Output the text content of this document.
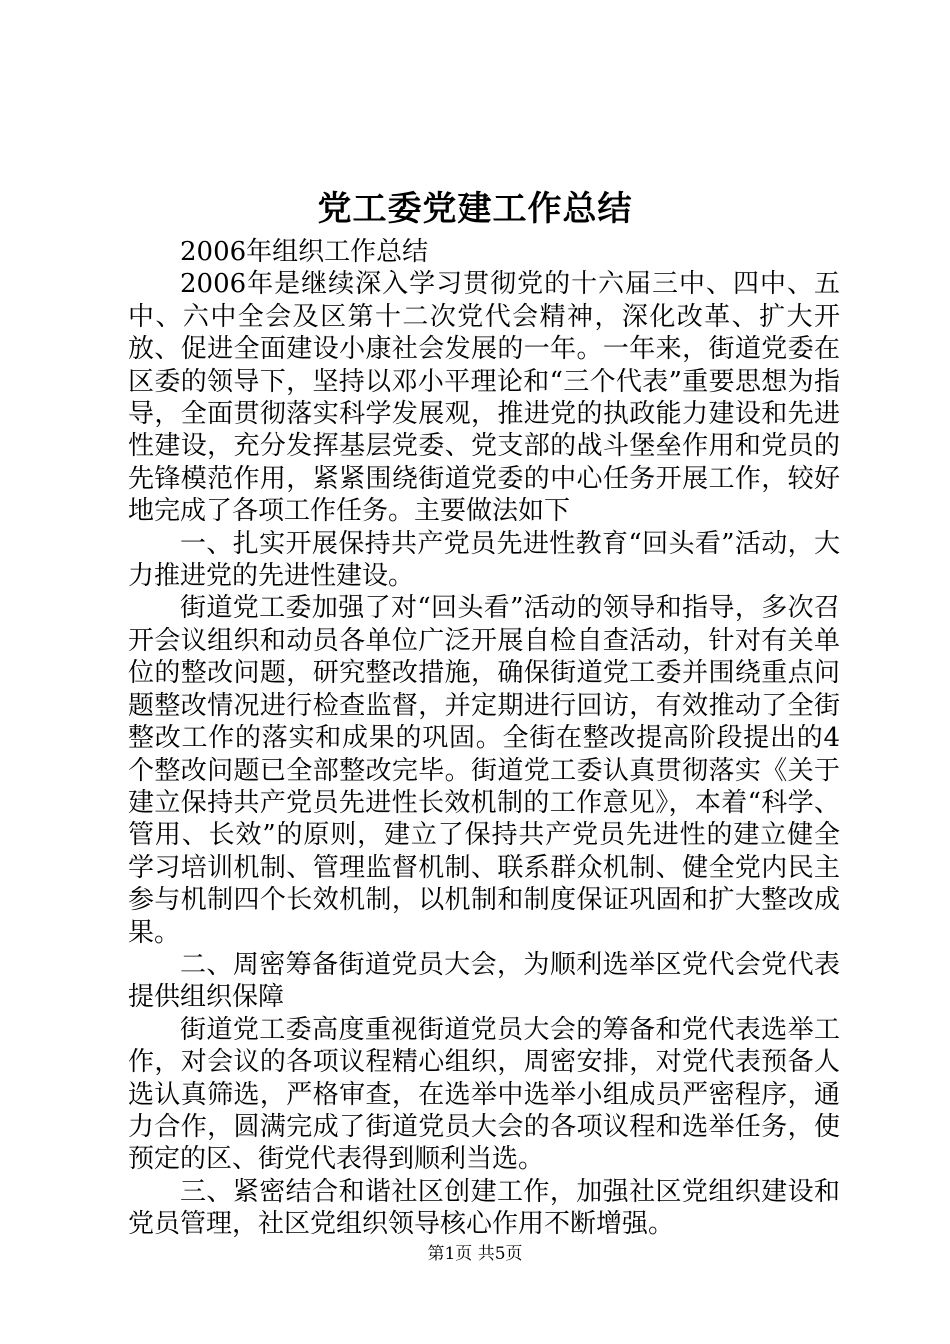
党工委党建工作总结

2006年组织工作总结

2006年是继续深入学习贯彻党的十六届三中、四中、五中、六中全会及区第十二次党代会精神，深化改革、扩大开放、促进全面建设小康社会发展的一年。一年来，街道党委在区委的领导下，坚持以邓小平理论和“三个代表”重要思想为指导，全面贯彻落实科学发展观，推进党的执政能力建设和先进性建设，充分发挥基层党委、党支部的战斗堡垒作用和党员的先锋模范作用，紧紧围绕街道党委的中心任务开展工作，较好地完成了各项工作任务。主要做法如下

一、扎实开展保持共产党员先进性教育“回头看”活动，大力推进党的先进性建设。

街道党工委加强了对“回头看”活动的领导和指导，多次召开会议组织和动员各单位广泛开展自检自查活动，针对有关单位的整改问题，研究整改措施，确保街道党工委并围绕重点问题整改情况进行检查监督，并定期进行回访，有效推动了全街整改工作的落实和成果的巩固。全街在整改提高阶段提出的4个整改问题已全部整改完毕。街道党工委认真贯彻落实《关于建立保持共产党员先进性长效机制的工作意见》，本着“科学、管用、长效”的原则，建立了保持共产党员先进性的建立健全学习培训机制、管理监督机制、联系群众机制、健全党内民主参与机制四个长效机制，以机制和制度保证巩固和扩大整改成果。

二、周密筹备街道党员大会，为顺利选举区党代会党代表提供组织保障

街道党工委高度重视街道党员大会的筹备和党代表选举工作，对会议的各项议程精心组织，周密安排，对党代表预备人选认真筛选，严格审查，在选举中选举小组成员严密程序，通力合作，圆满完成了街道党员大会的各项议程和选举任务，使预定的区、街党代表得到顺利当选。

三、紧密结合和谐社区创建工作，加强社区党组织建设和党员管理，社区党组织领导核心作用不断增强。

第1页 共5页
